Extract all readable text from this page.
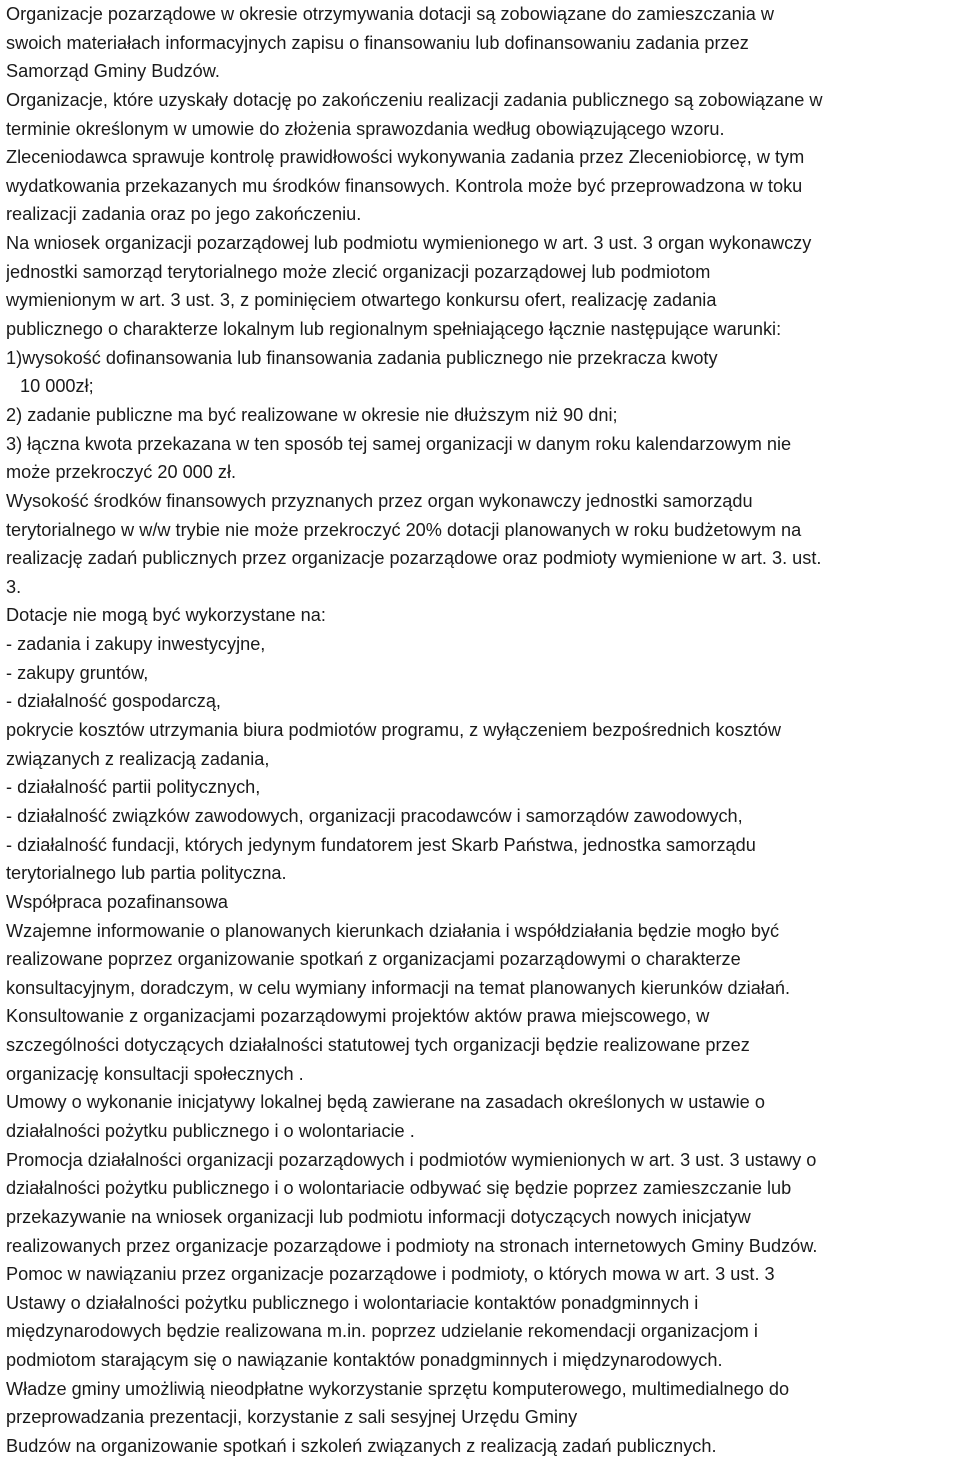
Organizacje pozarządowe w okresie otrzymywania dotacji są zobowiązane do zamieszczania w
swoich materiałach informacyjnych zapisu o finansowaniu lub dofinansowaniu zadania przez
Samorząd Gminy Budzów.
Organizacje, które uzyskały dotację po zakończeniu realizacji zadania publicznego są zobowiązane w
terminie określonym w umowie do złożenia sprawozdania według obowiązującego wzoru.
Zleceniodawca sprawuje kontrolę prawidłowości wykonywania zadania przez Zleceniobiorcę, w tym
wydatkowania przekazanych mu środków finansowych. Kontrola może być przeprowadzona w toku
realizacji zadania oraz po jego zakończeniu.
Na wniosek organizacji pozarządowej lub podmiotu wymienionego w art. 3 ust. 3 organ wykonawczy
jednostki samorząd terytorialnego może zlecić organizacji pozarządowej lub podmiotom
wymienionym w art. 3 ust. 3, z pominięciem otwartego konkursu ofert, realizację zadania
publicznego o charakterze lokalnym lub regionalnym spełniającego łącznie następujące warunki:
1)wysokość dofinansowania lub finansowania zadania publicznego nie przekracza kwoty
10 000zł;
2) zadanie publiczne ma być realizowane w okresie nie dłuższym niż 90 dni;
3) łączna kwota przekazana w ten sposób tej samej organizacji w danym roku kalendarzowym nie
może przekroczyć 20 000 zł.
Wysokość środków finansowych przyznanych przez organ wykonawczy jednostki samorządu
terytorialnego w w/w trybie nie może przekroczyć 20% dotacji planowanych w roku budżetowym na
realizację zadań publicznych przez organizacje pozarządowe oraz podmioty wymienione w art. 3. ust.
3.
Dotacje nie mogą być wykorzystane na:
- zadania i zakupy inwestycyjne,
- zakupy gruntów,
- działalność gospodarczą,
pokrycie kosztów utrzymania biura podmiotów programu, z wyłączeniem bezpośrednich kosztów
związanych z realizacją zadania,
- działalność partii politycznych,
- działalność związków zawodowych, organizacji pracodawców i samorządów zawodowych,
- działalność fundacji, których jedynym fundatorem jest Skarb Państwa, jednostka samorządu
terytorialnego lub partia polityczna.
Współpraca pozafinansowa
Wzajemne informowanie o planowanych kierunkach działania i współdziałania będzie mogło być
realizowane poprzez organizowanie spotkań z organizacjami pozarządowymi o charakterze
konsultacyjnym, doradczym, w celu wymiany informacji na temat planowanych kierunków działań.
Konsultowanie z organizacjami pozarządowymi projektów aktów prawa miejscowego, w
szczególności dotyczących działalności statutowej tych organizacji będzie realizowane przez
organizację konsultacji społecznych .
Umowy o wykonanie inicjatywy lokalnej będą zawierane na zasadach określonych w ustawie o
działalności pożytku publicznego i o wolontariacie .
Promocja działalności organizacji pozarządowych i podmiotów wymienionych w art. 3 ust. 3 ustawy o
działalności pożytku publicznego i o wolontariacie odbywać się będzie poprzez zamieszczanie lub
przekazywanie na wniosek organizacji lub podmiotu informacji dotyczących nowych inicjatyw
realizowanych przez organizacje pozarządowe i podmioty na stronach internetowych Gminy Budzów.
Pomoc w nawiązaniu przez organizacje pozarządowe i podmioty, o których mowa w art. 3 ust. 3
Ustawy o działalności pożytku publicznego i wolontariacie kontaktów ponadgminnych i
międzynarodowych będzie realizowana m.in. poprzez udzielanie rekomendacji organizacjom i
podmiotom starającym się o nawiązanie kontaktów ponadgminnych i międzynarodowych.
Władze gminy umożliwią nieodpłatne wykorzystanie sprzętu komputerowego, multimedialnego do
przeprowadzania prezentacji, korzystanie z sali sesyjnej Urzędu Gminy
Budzów na organizowanie spotkań i szkoleń związanych z realizacją zadań publicznych.
